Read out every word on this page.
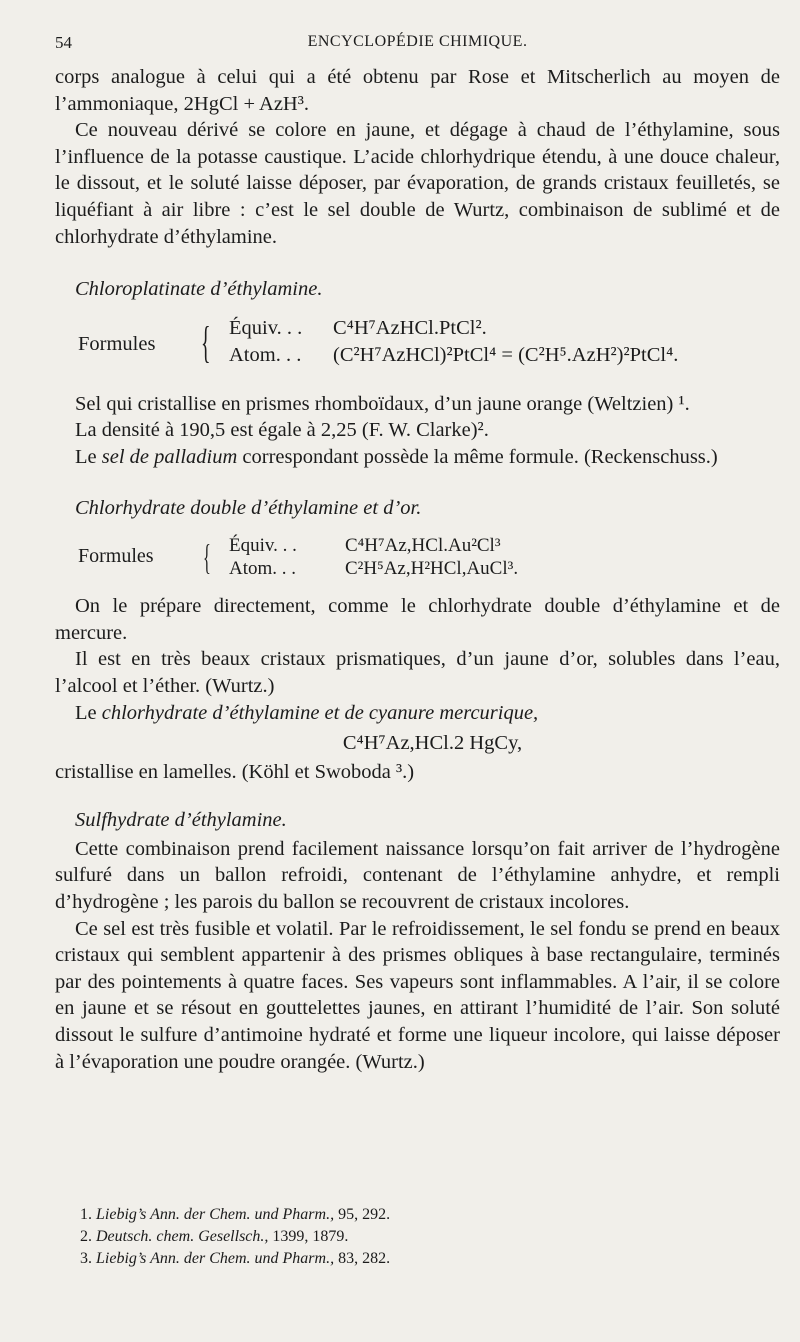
54	ENCYCLOPÉDIE CHIMIQUE.

corps analogue à celui qui a été obtenu par Rose et Mitscherlich au moyen de l’ammoniaque, 2HgCl + AzH³.

Ce nouveau dérivé se colore en jaune, et dégage à chaud de l’éthylamine, sous l’influence de la potasse caustique. L’acide chlorhydrique étendu, à une douce chaleur, le dissout, et le soluté laisse déposer, par évaporation, de grands cristaux feuilletés, se liquéfiant à air libre : c’est le sel double de Wurtz, combinaison de sublimé et de chlorhydrate d’éthylamine.

Chloroplatinate d’éthylamine.

Formules { Équiv. . . C⁴H⁷AzHCl.PtCl².
Atom. . . (C²H⁷AzHCl)²PtCl⁴ = (C²H⁵.AzH²)²PtCl⁴.

Sel qui cristallise en prismes rhomboïdaux, d’un jaune orange (Weltzien) ¹.

La densité à 190,5 est égale à 2,25 (F. W. Clarke)².

Le sel de palladium correspondant possède la même formule. (Reckenschuss.)

Chlorhydrate double d’éthylamine et d’or.

Formules { Équiv. . .	C⁴H⁷Az,HCl.Au²Cl³
Atom. . .	C²H⁵Az,H²HCl,AuCl³.

On le prépare directement, comme le chlorhydrate double d’éthylamine et de mercure.

Il est en très beaux cristaux prismatiques, d’un jaune d’or, solubles dans l’eau, l’alcool et l’éther. (Wurtz.)

Le chlorhydrate d’éthylamine et de cyanure mercurique,

C⁴H⁷Az,HCl.2 HgCy,

cristallise en lamelles. (Köhl et Swoboda ³.)

Sulfhydrate d’éthylamine.

Cette combinaison prend facilement naissance lorsqu’on fait arriver de l’hydrogène sulfuré dans un ballon refroidi, contenant de l’éthylamine anhydre, et rempli d’hydrogène ; les parois du ballon se recouvrent de cristaux incolores.

Ce sel est très fusible et volatil. Par le refroidissement, le sel fondu se prend en beaux cristaux qui semblent appartenir à des prismes obliques à base rectangulaire, terminés par des pointements à quatre faces. Ses vapeurs sont inflammables. A l’air, il se colore en jaune et se résout en gouttelettes jaunes, en attirant l’humidité de l’air. Son soluté dissout le sulfure d’antimoine hydraté et forme une liqueur incolore, qui laisse déposer à l’évaporation une poudre orangée. (Wurtz.)

1. Liebig’s Ann. der Chem. und Pharm., 95, 292.
2. Deutsch. chem. Gesellsch., 1399, 1879.
3. Liebig’s Ann. der Chem. und Pharm., 83, 282.
